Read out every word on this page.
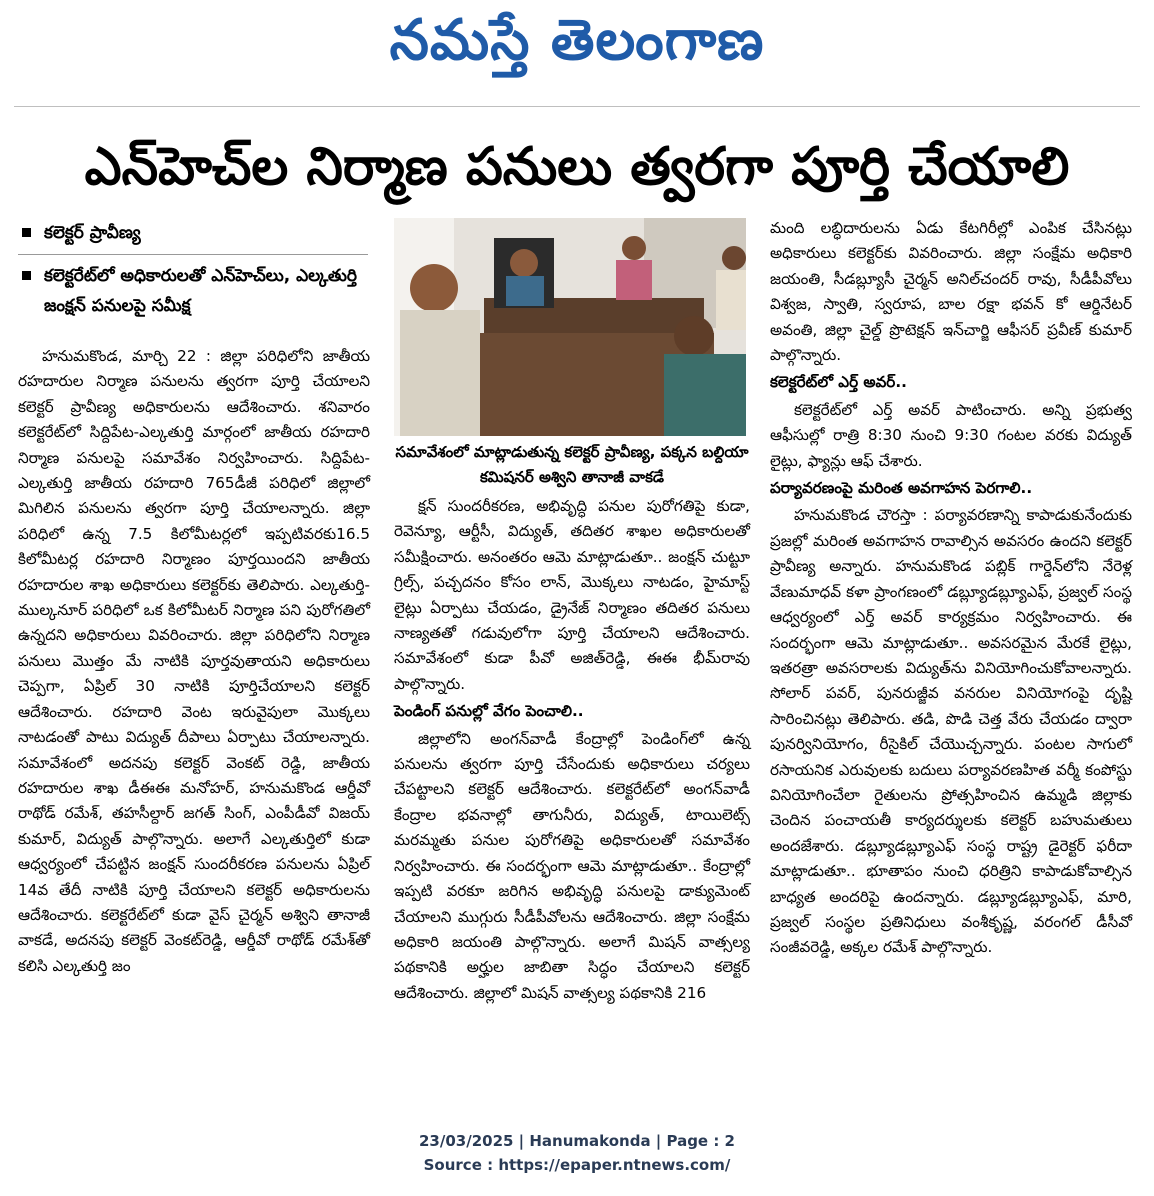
నమస్తే తెలంగాణ
ఎన్‌హెచ్‌ల నిర్మాణ పనులు త్వరగా పూర్తి చేయాలి
కలెక్టర్ ప్రావీణ్య
కలెక్టరేట్‌లో అధికారులతో ఎన్‌హెచ్‌లు, ఎల్కతుర్తి జంక్షన్ పనులపై సమీక్ష

హనుమకొండ, మార్చి 22 : జిల్లా పరిధిలోని జాతీయ రహదారుల నిర్మాణ పనులను త్వరగా పూర్తి చేయాలని కలెక్టర్ ప్రావీణ్య అధికారులను ఆదేశించారు. శనివారం కలెక్టరేట్‌లో సిద్దిపేట-ఎల్కతుర్తి మార్గంలో జాతీయ రహదారి నిర్మాణ పనులపై సమావేశం నిర్వహించారు. సిద్దిపేట-ఎల్కతుర్తి జాతీయ రహదారి 765డీజీ పరిధిలో జిల్లాలో మిగిలిన పనులను త్వరగా పూర్తి చేయాలన్నారు. జిల్లా పరిధిలో ఉన్న 7.5 కిలోమీటర్లలో ఇప్పటివరకు16.5 కిలోమీటర్ల రహదారి నిర్మాణం పూర్తయిందని జాతీయ రహదారుల శాఖ అధికారులు కలెక్టర్‌కు తెలిపారు. ఎల్కతుర్తి-ముల్కనూర్ పరిధిలో ఒక కిలోమీటర్ నిర్మాణ పని పురోగతిలో ఉన్నదని అధికారులు వివరించారు. జిల్లా పరిధిలోని నిర్మాణ పనులు మొత్తం మే నాటికి పూర్తవుతాయని అధికారులు చెప్పగా, ఏప్రిల్ 30 నాటికి పూర్తిచేయాలని కలెక్టర్ ఆదేశించారు. రహదారి వెంట ఇరువైపులా మొక్కలు నాటడంతో పాటు విద్యుత్ దీపాలు ఏర్పాటు చేయాలన్నారు. సమావేశంలో అదనపు కలెక్టర్ వెంకట్ రెడ్డి, జాతీయ రహదారుల శాఖ డీఈఈ మనోహర్, హనుమకొండ ఆర్డీవో రాథోడ్ రమేశ్, తహసీల్దార్ జగత్ సింగ్, ఎంపీడీవో విజయ్ కుమార్, విద్యుత్ పాల్గొన్నారు. అలాగే ఎల్కతుర్తిలో కుడా ఆధ్వర్యంలో చేపట్టిన జంక్షన్ సుందరీకరణ పనులను ఏప్రిల్ 14వ తేదీ నాటికి పూర్తి చేయాలని కలెక్టర్ అధికారులను ఆదేశించారు. కలెక్టరేట్‌లో కుడా వైస్ చైర్మన్ అశ్విని తానాజీ వాకడే, అదనపు కలెక్టర్ వెంకట్‌రెడ్డి, ఆర్డీవో రాథోడ్ రమేశ్‌తో కలిసి ఎల్కతుర్తి జం

సమావేశంలో మాట్లాడుతున్న కలెక్టర్ ప్రావీణ్య, పక్కన బల్దియా కమిషనర్ అశ్విని తానాజీ వాకడే

క్షన్ సుందరీకరణ, అభివృద్ధి పనుల పురోగతిపై కుడా, రెవెన్యూ, ఆర్టీసీ, విద్యుత్, తదితర శాఖల అధికారులతో సమీక్షించారు. అనంతరం ఆమె మాట్లాడుతూ.. జంక్షన్ చుట్టూ గ్రిల్స్, పచ్చదనం కోసం లాన్, మొక్కలు నాటడం, హైమాస్ట్ లైట్లు ఏర్పాటు చేయడం, డ్రైనేజ్ నిర్మాణం తదితర పనులు నాణ్యతతో గడువులోగా పూర్తి చేయాలని ఆదేశించారు. సమావేశంలో కుడా పీవో అజిత్‌రెడ్డి, ఈఈ భీమ్‌రావు పాల్గొన్నారు.

పెండింగ్ పనుల్లో వేగం పెంచాలి..

జిల్లాలోని అంగన్‌వాడీ కేంద్రాల్లో పెండింగ్‌లో ఉన్న పనులను త్వరగా పూర్తి చేసేందుకు అధికారులు చర్యలు చేపట్టాలని కలెక్టర్ ఆదేశించారు. కలెక్టరేట్‌లో అంగన్‌వాడీ కేంద్రాల భవనాల్లో తాగునీరు, విద్యుత్, టాయిలెట్స్ మరమ్మతు పనుల పురోగతిపై అధికారులతో సమావేశం నిర్వహించారు. ఈ సందర్భంగా ఆమె మాట్లాడుతూ.. కేంద్రాల్లో ఇప్పటి వరకూ జరిగిన అభివృద్ధి పనులపై డాక్యుమెంట్ చేయాలని ముగ్గురు సీడీపీవోలను ఆదేశించారు. జిల్లా సంక్షేమ అధికారి జయంతి పాల్గొన్నారు. అలాగే మిషన్ వాత్సల్య పథకానికి అర్హుల జాబితా సిద్ధం చేయాలని కలెక్టర్ ఆదేశించారు. జిల్లాలో మిషన్ వాత్సల్య పథకానికి 216

మంది లబ్ధిదారులను ఏడు కేటగిరీల్లో ఎంపిక చేసినట్లు అధికారులు కలెక్టర్‌కు వివరించారు. జిల్లా సంక్షేమ అధికారి జయంతి, సీడబ్ల్యూసీ చైర్మన్ అనిల్‌చందర్ రావు, సీడీపీవోలు విశ్వజ, స్వాతి, స్వరూప, బాల రక్షా భవన్ కో ఆర్డినేటర్ అవంతి, జిల్లా చైల్డ్ ప్రొటెక్షన్ ఇన్‌చార్జి ఆఫీసర్ ప్రవీణ్ కుమార్ పాల్గొన్నారు.

కలెక్టరేట్‌లో ఎర్త్ అవర్..

కలెక్టరేట్‌లో ఎర్త్ అవర్ పాటించారు. అన్ని ప్రభుత్వ ఆఫీసుల్లో రాత్రి 8:30 నుంచి 9:30 గంటల వరకు విద్యుత్ లైట్లు, ఫ్యాన్లు ఆఫ్ చేశారు.

పర్యావరణంపై మరింత అవగాహన పెరగాలి..

హనుమకొండ చౌరస్తా : పర్యావరణాన్ని కాపాడుకునేందుకు ప్రజల్లో మరింత అవగాహన రావాల్సిన అవసరం ఉందని కలెక్టర్ ప్రావీణ్య అన్నారు. హనుమకొండ పబ్లిక్ గార్డెన్‌లోని నేరెళ్ల వేణుమాధవ్ కళా ప్రాంగణంలో డబ్ల్యూడబ్ల్యూఎఫ్, ప్రజ్వల్ సంస్థ ఆధ్వర్యంలో ఎర్త్ అవర్ కార్యక్రమం నిర్వహించారు. ఈ సందర్భంగా ఆమె మాట్లాడుతూ.. అవసరమైన మేరకే లైట్లు, ఇతరత్రా అవసరాలకు విద్యుత్‌ను వినియోగించుకోవాలన్నారు. సోలార్ పవర్, పునరుజ్జీవ వనరుల వినియోగంపై దృష్టి సారించినట్లు తెలిపారు. తడి, పొడి చెత్త వేరు చేయడం ద్వారా పునర్వినియోగం, రీసైకిల్ చేయొచ్చన్నారు. పంటల సాగులో రసాయనిక ఎరువులకు బదులు పర్యావరణహిత వర్మీ కంపోస్టు వినియోగించేలా రైతులను ప్రోత్సహించిన ఉమ్మడి జిల్లాకు చెందిన పంచాయతీ కార్యదర్శులకు కలెక్టర్ బహుమతులు అందజేశారు. డబ్ల్యూడబ్ల్యూఎఫ్ సంస్థ రాష్ట్ర డైరెక్టర్ ఫరీదా మాట్లాడుతూ.. భూతాపం నుంచి ధరిత్రిని కాపాడుకోవాల్సిన బాధ్యత అందరిపై ఉందన్నారు. డబ్ల్యూడబ్ల్యూఎఫ్, మారి, ప్రజ్వల్ సంస్థల ప్రతినిధులు వంశీకృష్ణ, వరంగల్ డీసీవో సంజీవరెడ్డి, అక్కల రమేశ్ పాల్గొన్నారు.

23/03/2025 | Hanumakonda | Page : 2
Source : https://epaper.ntnews.com/
